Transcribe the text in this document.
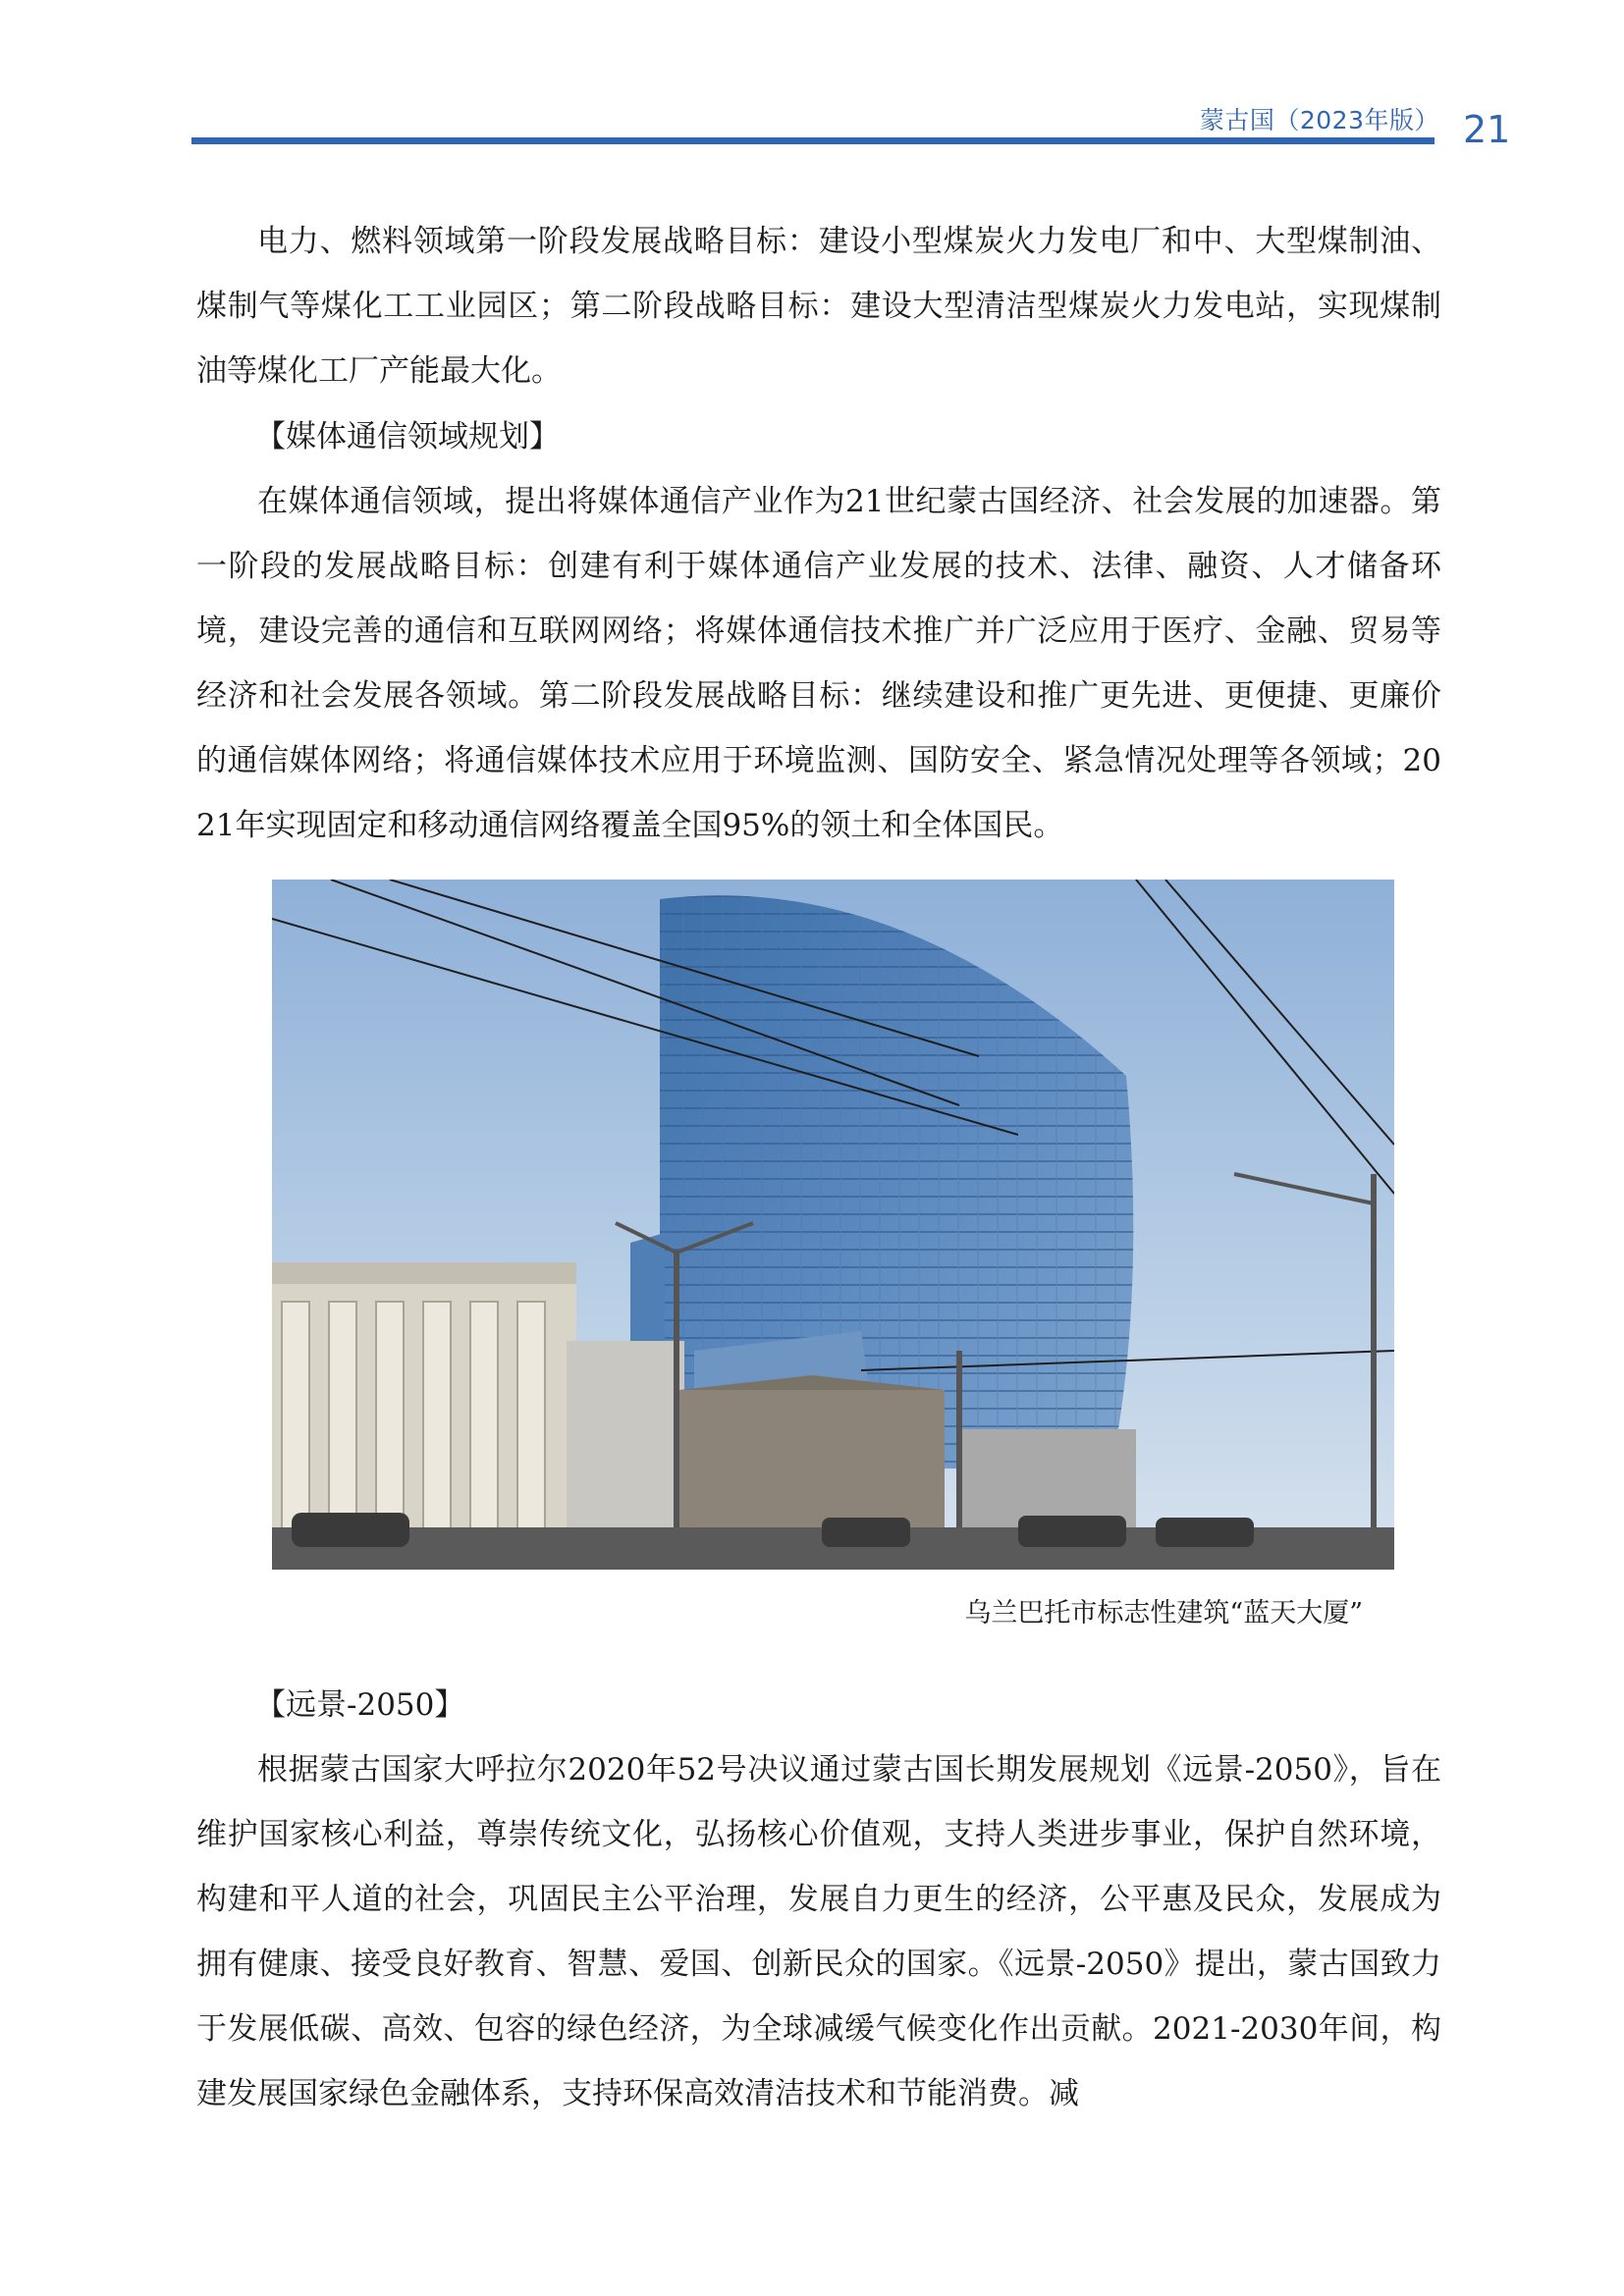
蒙古国（2023年版） 21

电力、燃料领域第一阶段发展战略目标：建设小型煤炭火力发电厂和中、大型煤制油、煤制气等煤化工工业园区；第二阶段战略目标：建设大型清洁型煤炭火力发电站，实现煤制油等煤化工厂产能最大化。

【媒体通信领域规划】

在媒体通信领域，提出将媒体通信产业作为21世纪蒙古国经济、社会发展的加速器。第一阶段的发展战略目标：创建有利于媒体通信产业发展的技术、法律、融资、人才储备环境，建设完善的通信和互联网网络；将媒体通信技术推广并广泛应用于医疗、金融、贸易等经济和社会发展各领域。第二阶段发展战略目标：继续建设和推广更先进、更便捷、更廉价的通信媒体网络；将通信媒体技术应用于环境监测、国防安全、紧急情况处理等各领域；2021年实现固定和移动通信网络覆盖全国95%的领土和全体国民。

乌兰巴托市标志性建筑“蓝天大厦”
【远景-2050】

根据蒙古国家大呼拉尔2020年52号决议通过蒙古国长期发展规划《远景-2050》，旨在维护国家核心利益，尊崇传统文化，弘扬核心价值观，支持人类进步事业，保护自然环境，构建和平人道的社会，巩固民主公平治理，发展自力更生的经济，公平惠及民众，发展成为拥有健康、接受良好教育、智慧、爱国、创新民众的国家。《远景-2050》提出，蒙古国致力于发展低碳、高效、包容的绿色经济，为全球减缓气候变化作出贡献。2021-2030年间，构建发展国家绿色金融体系，支持环保高效清洁技术和节能消费。减
